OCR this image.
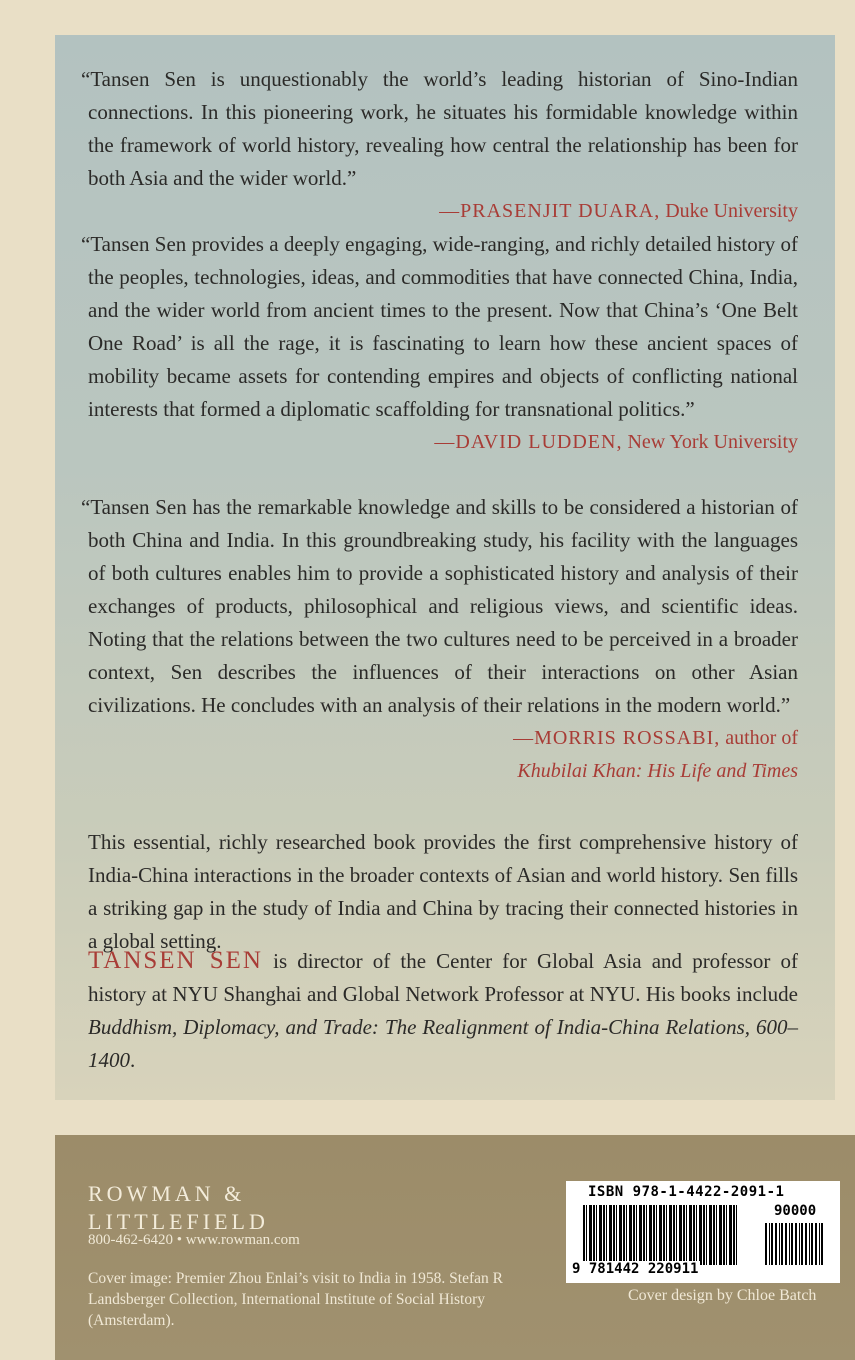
“Tansen Sen is unquestionably the world’s leading historian of Sino-Indian connections. In this pioneering work, he situates his formidable knowledge within the framework of world history, revealing how central the relationship has been for both Asia and the wider world.”

—PRASENJIT DUARA, Duke University

“Tansen Sen provides a deeply engaging, wide-ranging, and richly detailed history of the peoples, technologies, ideas, and commodities that have connected China, India, and the wider world from ancient times to the present. Now that China’s ‘One Belt One Road’ is all the rage, it is fascinating to learn how these ancient spaces of mobility became assets for contending empires and objects of conflicting national interests that formed a diplomatic scaffolding for transnational politics.”

—DAVID LUDDEN, New York University

“Tansen Sen has the remarkable knowledge and skills to be considered a historian of both China and India. In this groundbreaking study, his facility with the languages of both cultures enables him to provide a sophisticated history and analysis of their exchanges of products, philosophical and religious views, and scientific ideas. Noting that the relations between the two cultures need to be perceived in a broader context, Sen describes the influences of their interactions on other Asian civilizations. He concludes with an analysis of their relations in the modern world.”

—MORRIS ROSSABI, author of
Khubilai Khan: His Life and Times

This essential, richly researched book provides the first comprehensive history of India-China interactions in the broader contexts of Asian and world history. Sen fills a striking gap in the study of India and China by tracing their connected histories in a global setting.

TANSEN SEN is director of the Center for Global Asia and professor of history at NYU Shanghai and Global Network Professor at NYU. His books include Buddhism, Diplomacy, and Trade: The Realignment of India-China Relations, 600–1400.

ROWMAN &
LITTLEFIELD
800-462-6420 • www.rowman.com
Cover image: Premier Zhou Enlai’s visit to India in 1958. Stefan R Landsberger Collection, International Institute of Social History (Amsterdam).
ISBN 978-1-4422-2091-1
90000
9 781442 220911
Cover design by Chloe Batch
